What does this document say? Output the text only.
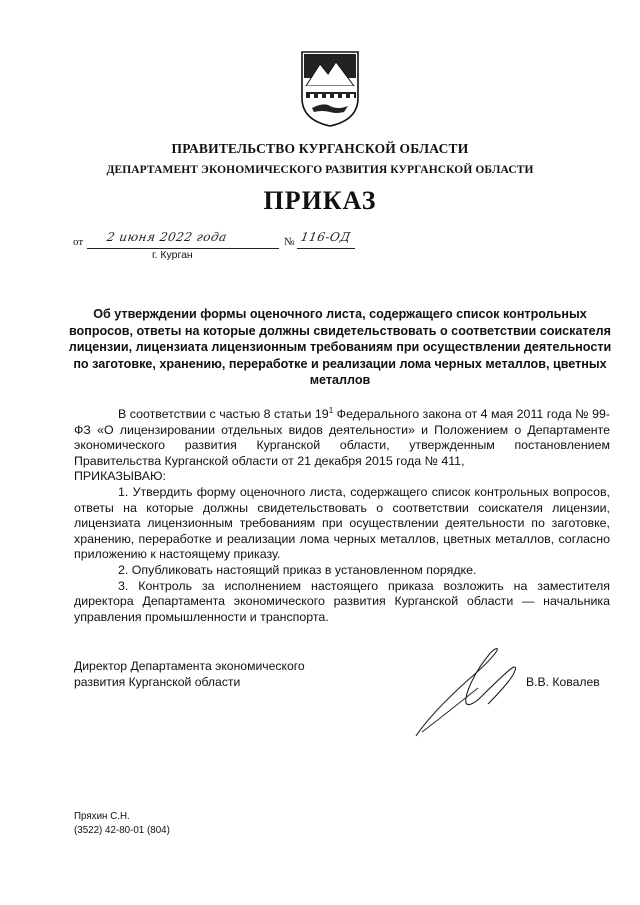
ПРАВИТЕЛЬСТВО КУРГАНСКОЙ ОБЛАСТИ
ДЕПАРТАМЕНТ ЭКОНОМИЧЕСКОГО РАЗВИТИЯ КУРГАНСКОЙ ОБЛАСТИ
ПРИКАЗ
от 2 июня 2022 года	№ 116-ОД
г. Курган
Об утверждении формы оценочного листа, содержащего список контрольных вопросов, ответы на которые должны свидетельствовать о соответствии соискателя лицензии, лицензиата лицензионным требованиям при осуществлении деятельности по заготовке, хранению, переработке и реализации лома черных металлов, цветных металлов

В соответствии с частью 8 статьи $19^1$ Федерального закона от 4 мая 2011 года № 99-ФЗ «О лицензировании отдельных видов деятельности» и Положением о Департаменте экономического развития Курганской области, утвержденным постановлением Правительства Курганской области от 21 декабря 2015 года № 411,

ПРИКАЗЫВАЮ:

1. Утвердить форму оценочного листа, содержащего список контрольных вопросов, ответы на которые должны свидетельствовать о соответствии соискателя лицензии, лицензиата лицензионным требованиям при осуществлении деятельности по заготовке, хранению, переработке и реализации лома черных металлов, цветных металлов, согласно приложению к настоящему приказу.

2. Опубликовать настоящий приказ в установленном порядке.

3. Контроль за исполнением настоящего приказа возложить на заместителя директора Департамента экономического развития Курганской области — начальника управления промышленности и транспорта.

Директор Департамента экономического
развития Курганской области	В.В. Ковалев
Пряхин С.Н.
(3522) 42-80-01 (804)
